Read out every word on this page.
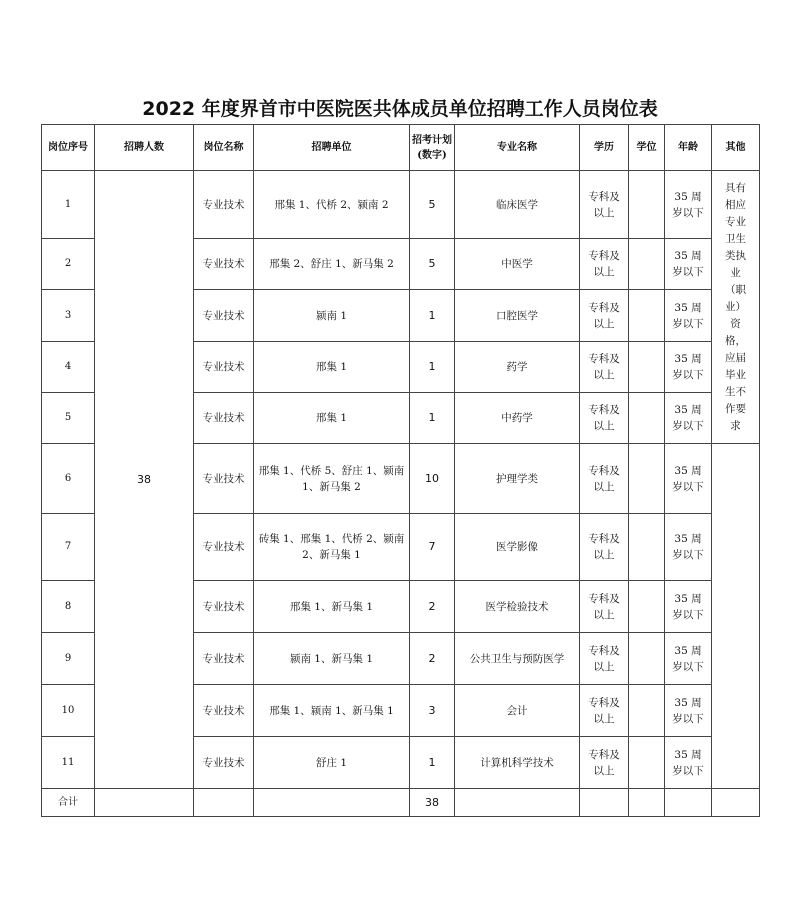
2022 年度界首市中医院医共体成员单位招聘工作人员岗位表
岗位序号	招聘人数	岗位名称	招聘单位	招考计划(数字)	专业名称	学历	学位	年龄	其他
1	38	专业技术	邢集 1、代桥 2、颍南 2	5	临床医学	专科及以上		35 周岁以下	具有相应专业卫生类执业（职业）资格，应届毕业生不作要求
2		专业技术	邢集 2、舒庄 1、新马集 2	5	中医学	专科及以上		35 周岁以下	
3		专业技术	颍南 1	1	口腔医学	专科及以上		35 周岁以下	
4		专业技术	邢集 1	1	药学	专科及以上		35 周岁以下	
5		专业技术	邢集 1	1	中药学	专科及以上		35 周岁以下	
6		专业技术	邢集 1、代桥 5、舒庄 1、颍南 1、新马集 2	10	护理学类	专科及以上		35 周岁以下	
7		专业技术	砖集 1、邢集 1、代桥 2、颍南 2、新马集 1	7	医学影像	专科及以上		35 周岁以下	
8		专业技术	邢集 1、新马集 1	2	医学检验技术	专科及以上		35 周岁以下	
9		专业技术	颍南 1、新马集 1	2	公共卫生与预防医学	专科及以上		35 周岁以下	
10		专业技术	邢集 1、颍南 1、新马集 1	3	会计	专科及以上		35 周岁以下	
11		专业技术	舒庄 1	1	计算机科学技术	专科及以上		35 周岁以下	
合计				38					
